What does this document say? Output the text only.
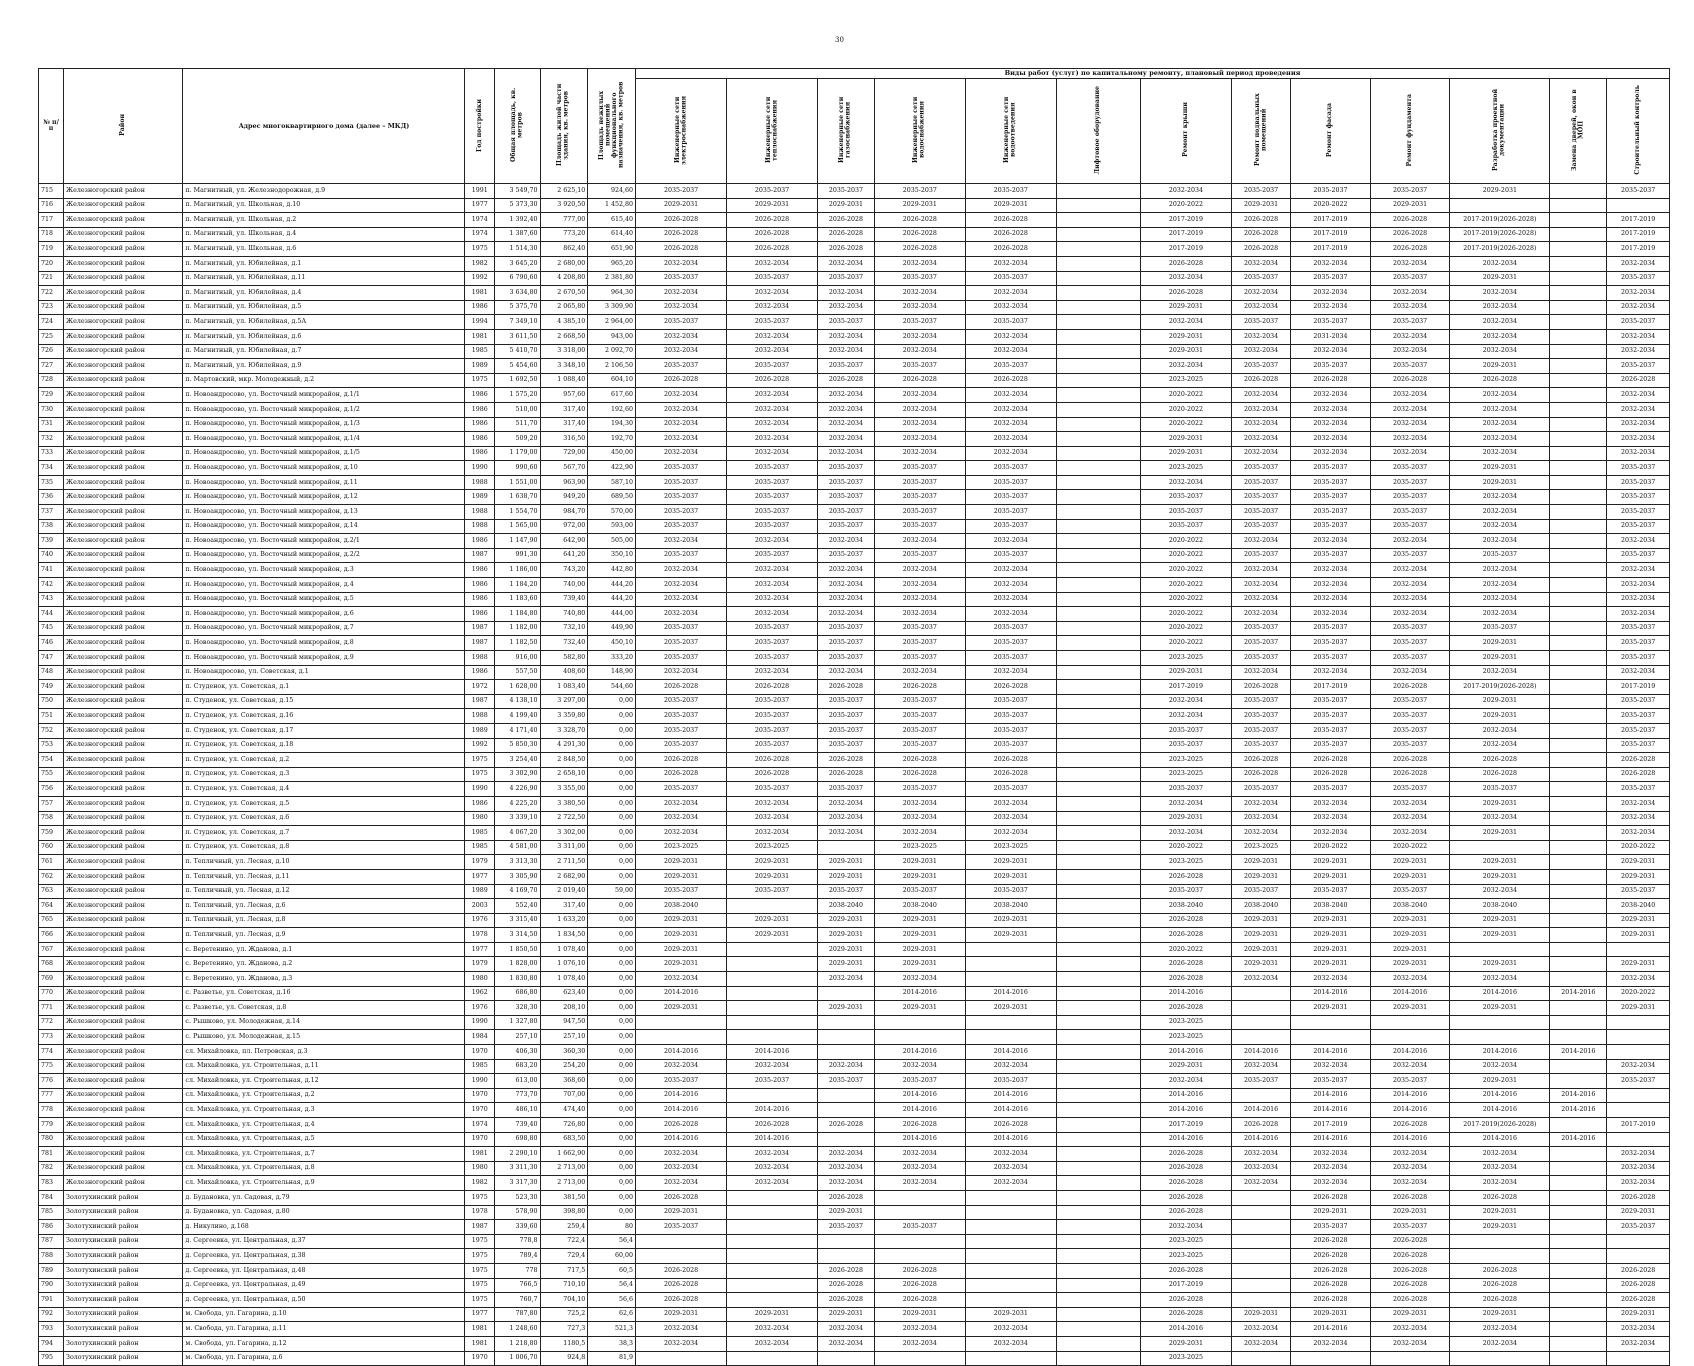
30
№ п/п	Район	Адрес многоквартирного дома (далее – МКД)	Год постройки	Общая площадь, кв. метров	Площадь жилой части здания, кв. метров	Площадь нежилых помещений функционального назначения, кв. метров	Виды работ (услуг) по капитальному ремонту, плановый период проведения												
							Инженерные сети электроснабжения	Инженерные сети теплоснабжения	Инженерные сети газоснабжения	Инженерные сети водоснабжения	Инженерные сети водоотведения	Лифтовое оборудование	Ремонт крыши	Ремонт подвальных помещений	Ремонт фасада	Ремонт фундамента	Разработка проектной документации	Замена дверей, окон в МОП	Строительный контроль
715	Железногорский район	п. Магнитный, ул. Железнодорожная, д.9	1991	3 549,70	2 625,10	924,60	2035-2037	2035-2037	2035-2037	2035-2037	2035-2037		2032-2034	2035-2037	2035-2037	2035-2037	2029-2031		2035-2037
716	Железногорский район	п. Магнитный, ул. Школьная, д.10	1977	5 373,30	3 920,50	1 452,80	2029-2031	2029-2031	2029-2031	2029-2031	2029-2031		2020-2022	2029-2031	2020-2022	2029-2031			
717	Железногорский район	п. Магнитный, ул. Школьная, д.2	1974	1 392,40	777,00	615,40	2026-2028	2026-2028	2026-2028	2026-2028	2026-2028		2017-2019	2026-2028	2017-2019	2026-2028	2017-2019(2026-2028)		2017-2019
718	Железногорский район	п. Магнитный, ул. Школьная, д.4	1974	1 387,60	773,20	614,40	2026-2028	2026-2028	2026-2028	2026-2028	2026-2028		2017-2019	2026-2028	2017-2019	2026-2028	2017-2019(2026-2028)		2017-2019
719	Железногорский район	п. Магнитный, ул. Школьная, д.6	1975	1 514,30	862,40	651,90	2026-2028	2026-2028	2026-2028	2026-2028	2026-2028		2017-2019	2026-2028	2017-2019	2026-2028	2017-2019(2026-2028)		2017-2019
720	Железногорский район	п. Магнитный, ул. Юбилейная, д.1	1982	3 645,20	2 680,00	965,20	2032-2034	2032-2034	2032-2034	2032-2034	2032-2034		2026-2028	2032-2034	2032-2034	2032-2034	2032-2034		2032-2034
721	Железногорский район	п. Магнитный, ул. Юбилейная, д.11	1992	6 790,60	4 208,80	2 381,80	2035-2037	2035-2037	2035-2037	2035-2037	2035-2037		2032-2034	2035-2037	2035-2037	2035-2037	2029-2031		2035-2037
722	Железногорский район	п. Магнитный, ул. Юбилейная, д.4	1981	3 634,80	2 670,50	964,30	2032-2034	2032-2034	2032-2034	2032-2034	2032-2034		2026-2028	2032-2034	2032-2034	2032-2034	2032-2034		2032-2034
723	Железногорский район	п. Магнитный, ул. Юбилейная, д.5	1986	5 375,70	2 065,80	3 309,90	2032-2034	2032-2034	2032-2034	2032-2034	2032-2034		2029-2031	2032-2034	2032-2034	2032-2034	2032-2034		2032-2034
724	Железногорский район	п. Магнитный, ул. Юбилейная, д.5А	1994	7 349,10	4 385,10	2 964,00	2035-2037	2035-2037	2035-2037	2035-2037	2035-2037		2032-2034	2035-2037	2035-2037	2035-2037	2032-2034		2035-2037
725	Железногорский район	п. Магнитный, ул. Юбилейная, д.6	1981	3 611,50	2 668,50	943,00	2032-2034	2032-2034	2032-2034	2032-2034	2032-2034		2029-2031	2032-2034	2031-2034	2032-2034	2032-2034		2032-2034
726	Железногорский район	п. Магнитный, ул. Юбилейная, д.7	1985	5 410,70	3 318,00	2 092,70	2032-2034	2032-2034	2032-2034	2032-2034	2032-2034		2029-2031	2032-2034	2032-2034	2032-2034	2032-2034		2032-2034
727	Железногорский район	п. Магнитный, ул. Юбилейная, д.9	1989	5 454,60	3 348,10	2 106,50	2035-2037	2035-2037	2035-2037	2035-2037	2035-2037		2032-2034	2035-2037	2035-2037	2035-2037	2029-2031		2035-2037
728	Железногорский район	п. Мартовский, мкр. Молодежный, д.2	1975	1 692,50	1 088,40	604,10	2026-2028	2026-2028	2026-2028	2026-2028	2026-2028		2023-2025	2026-2028	2026-2028	2026-2028	2026-2028		2026-2028
729	Железногорский район	п. Новоандросово, ул. Восточный микрорайон, д.1/1	1986	1 575,20	957,60	617,60	2032-2034	2032-2034	2032-2034	2032-2034	2032-2034		2020-2022	2032-2034	2032-2034	2032-2034	2032-2034		2032-2034
730	Железногорский район	п. Новоандросово, ул. Восточный микрорайон, д.1/2	1986	510,00	317,40	192,60	2032-2034	2032-2034	2032-2034	2032-2034	2032-2034		2020-2022	2032-2034	2032-2034	2032-2034	2032-2034		2032-2034
731	Железногорский район	п. Новоандросово, ул. Восточный микрорайон, д.1/3	1986	511,70	317,40	194,30	2032-2034	2032-2034	2032-2034	2032-2034	2032-2034		2020-2022	2032-2034	2032-2034	2032-2034	2032-2034		2032-2034
732	Железногорский район	п. Новоандросово, ул. Восточный микрорайон, д.1/4	1986	509,20	316,50	192,70	2032-2034	2032-2034	2032-2034	2032-2034	2032-2034		2029-2031	2032-2034	2032-2034	2032-2034	2032-2034		2032-2034
733	Железногорский район	п. Новоандросово, ул. Восточный микрорайон, д.1/5	1986	1 179,00	729,00	450,00	2032-2034	2032-2034	2032-2034	2032-2034	2032-2034		2029-2031	2032-2034	2032-2034	2032-2034	2032-2034		2032-2034
734	Железногорский район	п. Новоандросово, ул. Восточный микрорайон, д.10	1990	990,60	567,70	422,90	2035-2037	2035-2037	2035-2037	2035-2037	2035-2037		2023-2025	2035-2037	2035-2037	2035-2037	2029-2031		2035-2037
735	Железногорский район	п. Новоандросово, ул. Восточный микрорайон, д.11	1988	1 551,00	963,90	587,10	2035-2037	2035-2037	2035-2037	2035-2037	2035-2037		2032-2034	2035-2037	2035-2037	2035-2037	2029-2031		2035-2037
736	Железногорский район	п. Новоандросово, ул. Восточный микрорайон, д.12	1989	1 638,70	949,20	689,50	2035-2037	2035-2037	2035-2037	2035-2037	2035-2037		2035-2037	2035-2037	2035-2037	2035-2037	2032-2034		2035-2037
737	Железногорский район	п. Новоандросово, ул. Восточный микрорайон, д.13	1988	1 554,70	984,70	570,00	2035-2037	2035-2037	2035-2037	2035-2037	2035-2037		2035-2037	2035-2037	2035-2037	2035-2037	2032-2034		2035-2037
738	Железногорский район	п. Новоандросово, ул. Восточный микрорайон, д.14	1988	1 565,00	972,00	593,00	2035-2037	2035-2037	2035-2037	2035-2037	2035-2037		2035-2037	2035-2037	2035-2037	2035-2037	2032-2034		2035-2037
739	Железногорский район	п. Новоандросово, ул. Восточный микрорайон, д.2/1	1986	1 147,90	642,90	505,00	2032-2034	2032-2034	2032-2034	2032-2034	2032-2034		2020-2022	2032-2034	2032-2034	2032-2034	2032-2034		2032-2034
740	Железногорский район	п. Новоандросово, ул. Восточный микрорайон, д.2/2	1987	991,30	641,20	350,10	2035-2037	2035-2037	2035-2037	2035-2037	2035-2037		2020-2022	2035-2037	2035-2037	2035-2037	2035-2037		2035-2037
741	Железногорский район	п. Новоандросово, ул. Восточный микрорайон, д.3	1986	1 186,00	743,20	442,80	2032-2034	2032-2034	2032-2034	2032-2034	2032-2034		2020-2022	2032-2034	2032-2034	2032-2034	2032-2034		2032-2034
742	Железногорский район	п. Новоандросово, ул. Восточный микрорайон, д.4	1986	1 184,20	740,00	444,20	2032-2034	2032-2034	2032-2034	2032-2034	2032-2034		2020-2022	2032-2034	2032-2034	2032-2034	2032-2034		2032-2034
743	Железногорский район	п. Новоандросово, ул. Восточный микрорайон, д.5	1986	1 183,60	739,40	444,20	2032-2034	2032-2034	2032-2034	2032-2034	2032-2034		2020-2022	2032-2034	2032-2034	2032-2034	2032-2034		2032-2034
744	Железногорский район	п. Новоандросово, ул. Восточный микрорайон, д.6	1986	1 184,80	740,80	444,00	2032-2034	2032-2034	2032-2034	2032-2034	2032-2034		2020-2022	2032-2034	2032-2034	2032-2034	2032-2034		2032-2034
745	Железногорский район	п. Новоандросово, ул. Восточный микрорайон, д.7	1987	1 182,00	732,10	449,90	2035-2037	2035-2037	2035-2037	2035-2037	2035-2037		2020-2022	2035-2037	2035-2037	2035-2037	2035-2037		2035-2037
746	Железногорский район	п. Новоандросово, ул. Восточный микрорайон, д.8	1987	1 182,50	732,40	450,10	2035-2037	2035-2037	2035-2037	2035-2037	2035-2037		2020-2022	2035-2037	2035-2037	2035-2037	2029-2031		2035-2037
747	Железногорский район	п. Новоандросово, ул. Восточный микрорайон, д.9	1988	916,00	582,80	333,20	2035-2037	2035-2037	2035-2037	2035-2037	2035-2037		2023-2025	2035-2037	2035-2037	2035-2037	2029-2031		2035-2037
748	Железногорский район	п. Новоандросово, ул. Советская, д.1	1986	557,50	408,60	148,90	2032-2034	2032-2034	2032-2034	2032-2034	2032-2034		2029-2031	2032-2034	2032-2034	2032-2034	2032-2034		2032-2034
749	Железногорский район	п. Студенок, ул. Советская, д.1	1972	1 628,00	1 083,40	544,60	2026-2028	2026-2028	2026-2028	2026-2028	2026-2028		2017-2019	2026-2028	2017-2019	2026-2028	2017-2019(2026-2028)		2017-2019
750	Железногорский район	п. Студенок, ул. Советская, д.15	1987	4 138,10	3 297,00	0,00	2035-2037	2035-2037	2035-2037	2035-2037	2035-2037		2032-2034	2035-2037	2035-2037	2035-2037	2029-2031		2035-2037
751	Железногорский район	п. Студенок, ул. Советская, д.16	1988	4 199,40	3 359,80	0,00	2035-2037	2035-2037	2035-2037	2035-2037	2035-2037		2032-2034	2035-2037	2035-2037	2035-2037	2029-2031		2035-2037
752	Железногорский район	п. Студенок, ул. Советская, д.17	1989	4 171,40	3 328,70	0,00	2035-2037	2035-2037	2035-2037	2035-2037	2035-2037		2035-2037	2035-2037	2035-2037	2035-2037	2032-2034		2035-2037
753	Железногорский район	п. Студенок, ул. Советская, д.18	1992	5 850,30	4 291,30	0,00	2035-2037	2035-2037	2035-2037	2035-2037	2035-2037		2035-2037	2035-2037	2035-2037	2035-2037	2032-2034		2035-2037
754	Железногорский район	п. Студенок, ул. Советская, д.2	1975	3 254,40	2 848,50	0,00	2026-2028	2026-2028	2026-2028	2026-2028	2026-2028		2023-2025	2026-2028	2026-2028	2026-2028	2026-2028		2026-2028
755	Железногорский район	п. Студенок, ул. Советская, д.3	1975	3 302,90	2 658,10	0,00	2026-2028	2026-2028	2026-2028	2026-2028	2026-2028		2023-2025	2026-2028	2026-2028	2026-2028	2026-2028		2026-2028
756	Железногорский район	п. Студенок, ул. Советская, д.4	1990	4 226,90	3 355,00	0,00	2035-2037	2035-2037	2035-2037	2035-2037	2035-2037		2035-2037	2035-2037	2035-2037	2035-2037	2035-2037		2035-2037
757	Железногорский район	п. Студенок, ул. Советская, д.5	1986	4 225,20	3 380,50	0,00	2032-2034	2032-2034	2032-2034	2032-2034	2032-2034		2032-2034	2032-2034	2032-2034	2032-2034	2029-2031		2032-2034
758	Железногорский район	п. Студенок, ул. Советская, д.6	1980	3 339,10	2 722,50	0,00	2032-2034	2032-2034	2032-2034	2032-2034	2032-2034		2029-2031	2032-2034	2032-2034	2032-2034	2032-2034		2032-2034
759	Железногорский район	п. Студенок, ул. Советская, д.7	1985	4 067,20	3 302,00	0,00	2032-2034	2032-2034	2032-2034	2032-2034	2032-2034		2032-2034	2032-2034	2032-2034	2032-2034	2029-2031		2032-2034
760	Железногорский район	п. Студенок, ул. Советская, д.8	1985	4 581,00	3 311,00	0,00	2023-2025	2023-2025		2023-2025	2023-2025		2020-2022	2023-2025	2020-2022	2020-2022			2020-2022
761	Железногорский район	п. Тепличный, ул. Лесная, д.10	1979	3 313,30	2 711,50	0,00	2029-2031	2029-2031	2029-2031	2029-2031	2029-2031		2023-2025	2029-2031	2029-2031	2029-2031	2029-2031		2029-2031
762	Железногорский район	п. Тепличный, ул. Лесная, д.11	1977	3 305,90	2 682,90	0,00	2029-2031	2029-2031	2029-2031	2029-2031	2029-2031		2026-2028	2029-2031	2029-2031	2029-2031	2029-2031		2029-2031
763	Железногорский район	п. Тепличный, ул. Лесная, д.12	1989	4 169,70	2 019,40	59,00	2035-2037	2035-2037	2035-2037	2035-2037	2035-2037		2035-2037	2035-2037	2035-2037	2035-2037	2032-2034		2035-2037
764	Железногорский район	п. Тепличный, ул. Лесная, д.6	2003	552,40	317,40	0,00	2038-2040		2038-2040	2038-2040	2038-2040		2038-2040	2038-2040	2038-2040	2038-2040	2038-2040		2038-2040
765	Железногорский район	п. Тепличный, ул. Лесная, д.8	1976	3 315,40	1 633,20	0,00	2029-2031	2029-2031	2029-2031	2029-2031	2029-2031		2026-2028	2029-2031	2029-2031	2029-2031	2029-2031		2029-2031
766	Железногорский район	п. Тепличный, ул. Лесная, д.9	1978	3 314,50	1 834,50	0,00	2029-2031	2029-2031	2029-2031	2029-2031	2029-2031		2026-2028	2029-2031	2029-2031	2029-2031	2029-2031		2029-2031
767	Железногорский район	с. Веретенино, ул. Жданова, д.1	1977	1 850,50	1 078,40	0,00	2029-2031		2029-2031	2029-2031			2020-2022	2029-2031	2029-2031	2029-2031			
768	Железногорский район	с. Веретенино, ул. Жданова, д.2	1979	1 828,00	1 076,10	0,00	2029-2031		2029-2031	2029-2031			2026-2028	2029-2031	2029-2031	2029-2031	2029-2031		2029-2031
769	Железногорский район	с. Веретенино, ул. Жданова, д.3	1980	1 830,80	1 078,40	0,00	2032-2034		2032-2034	2032-2034			2026-2028	2032-2034	2032-2034	2032-2034	2032-2034		2032-2034
770	Железногорский район	с. Разветье, ул. Советская, д.16	1962	686,80	623,40	0,00	2014-2016			2014-2016	2014-2016		2014-2016		2014-2016	2014-2016	2014-2016	2014-2016	2020-2022
771	Железногорский район	с. Разветье, ул. Советская, д.8	1976	328,30	208,10	0,00	2029-2031		2029-2031	2029-2031	2029-2031		2026-2028		2029-2031	2029-2031	2029-2031		2029-2031
772	Железногорский район	с. Рышково, ул. Молодежная, д.14	1990	1 327,80	947,50	0,00							2023-2025						
773	Железногорский район	с. Рышково, ул. Молодежная, д.15	1984	257,10	257,10	0,00							2023-2025						
774	Железногорский район	сл. Михайловка, пл. Петровская, д.3	1970	406,30	360,30	0,00	2014-2016	2014-2016		2014-2016	2014-2016		2014-2016	2014-2016	2014-2016	2014-2016	2014-2016	2014-2016	
775	Железногорский район	сл. Михайловка, ул. Строительная, д.11	1985	683,20	254,20	0,00	2032-2034	2032-2034	2032-2034	2032-2034	2032-2034		2029-2031	2032-2034	2032-2034	2032-2034	2032-2034		2032-2034
776	Железногорский район	сл. Михайловка, ул. Строительная, д.12	1990	613,00	368,60	0,00	2035-2037	2035-2037	2035-2037	2035-2037	2035-2037		2032-2034	2035-2037	2035-2037	2035-2037	2029-2031		2035-2037
777	Железногорский район	сл. Михайловка, ул. Строительная, д.2	1970	773,70	707,00	0,00	2014-2016			2014-2016	2014-2016		2014-2016		2014-2016	2014-2016	2014-2016	2014-2016	
778	Железногорский район	сл. Михайловка, ул. Строительная, д.3	1970	486,10	474,40	0,00	2014-2016	2014-2016		2014-2016	2014-2016		2014-2016	2014-2016	2014-2016	2014-2016	2014-2016	2014-2016	
779	Железногорский район	сл. Михайловка, ул. Строительная, д.4	1974	739,40	726,80	0,00	2026-2028	2026-2028	2026-2028	2026-2028	2026-2028		2017-2019	2026-2028	2017-2019	2026-2028	2017-2019(2026-2028)		2017-2019
780	Железногорский район	сл. Михайловка, ул. Строительная, д.5	1970	698,80	683,50	0,00	2014-2016	2014-2016		2014-2016	2014-2016		2014-2016	2014-2016	2014-2016	2014-2016	2014-2016	2014-2016	
781	Железногорский район	сл. Михайловка, ул. Строительная, д.7	1981	2 290,10	1 662,90	0,00	2032-2034	2032-2034	2032-2034	2032-2034	2032-2034		2026-2028	2032-2034	2032-2034	2032-2034	2032-2034		2032-2034
782	Железногорский район	сл. Михайловка, ул. Строительная, д.8	1980	3 311,30	2 713,00	0,00	2032-2034	2032-2034	2032-2034	2032-2034	2032-2034		2026-2028	2032-2034	2032-2034	2032-2034	2032-2034		2032-2034
783	Железногорский район	сл. Михайловка, ул. Строительная, д.9	1982	3 317,30	2 713,00	0,00	2032-2034	2032-2034	2032-2034	2032-2034	2032-2034		2026-2028	2032-2034	2032-2034	2032-2034	2032-2034		2032-2034
784	Золотухинский район	д. Будановка, ул. Садовая, д.79	1975	523,30	381,50	0,00	2026-2028		2026-2028				2026-2028		2026-2028	2026-2028	2026-2028		2026-2028
785	Золотухинский район	д. Будановка, ул. Садовая, д.80	1978	578,90	398,80	0,00	2029-2031		2029-2031				2026-2028		2029-2031	2029-2031	2029-2031		2029-2031
786	Золотухинский район	д. Никулино, д.168	1987	339,60	259,4	80	2035-2037		2035-2037	2035-2037			2032-2034		2035-2037	2035-2037	2029-2031		2035-2037
787	Золотухинский район	д. Сергеевка, ул. Центральная, д.37	1975	778,8	722,4	56,4							2023-2025		2026-2028	2026-2028			
788	Золотухинский район	д. Сергеевка, ул. Центральная, д.38	1975	789,4	729,4	60,00							2023-2025		2026-2028	2026-2028			
789	Золотухинский район	д. Сергеевка, ул. Центральная, д.48	1975	778	717,5	60,5	2026-2028		2026-2028	2026-2028			2026-2028		2026-2028	2026-2028	2026-2028		2026-2028
790	Золотухинский район	д. Сергеевка, ул. Центральная, д.49	1975	766,5	710,10	56,4	2026-2028		2026-2028	2026-2028			2017-2019		2026-2028	2026-2028	2026-2028		2026-2028
791	Золотухинский район	д. Сергеевка, ул. Центральная, д.50	1975	760,7	704,10	56,6	2026-2028		2026-2028	2026-2028			2026-2028		2026-2028	2026-2028	2026-2028		2026-2028
792	Золотухинский район	м. Свобода, ул. Гагарина, д.10	1977	787,80	725,2	62,6	2029-2031	2029-2031	2029-2031	2029-2031	2029-2031		2026-2028	2029-2031	2029-2031	2029-2031	2029-2031		2029-2031
793	Золотухинский район	м. Свобода, ул. Гагарина, д.11	1981	1 248,60	727,3	521,3	2032-2034	2032-2034	2032-2034	2032-2034	2032-2034		2014-2016	2032-2034	2014-2016	2032-2034	2032-2034		2032-2034
794	Золотухинский район	м. Свобода, ул. Гагарина, д.12	1981	1 218,80	1180,5	38,3	2032-2034	2032-2034	2032-2034	2032-2034	2032-2034		2029-2031	2032-2034	2032-2034	2032-2034	2032-2034		2032-2034
795	Золотухинский район	м. Свобода, ул. Гагарина, д.6	1970	1 006,70	924,8	81,9							2023-2025						
